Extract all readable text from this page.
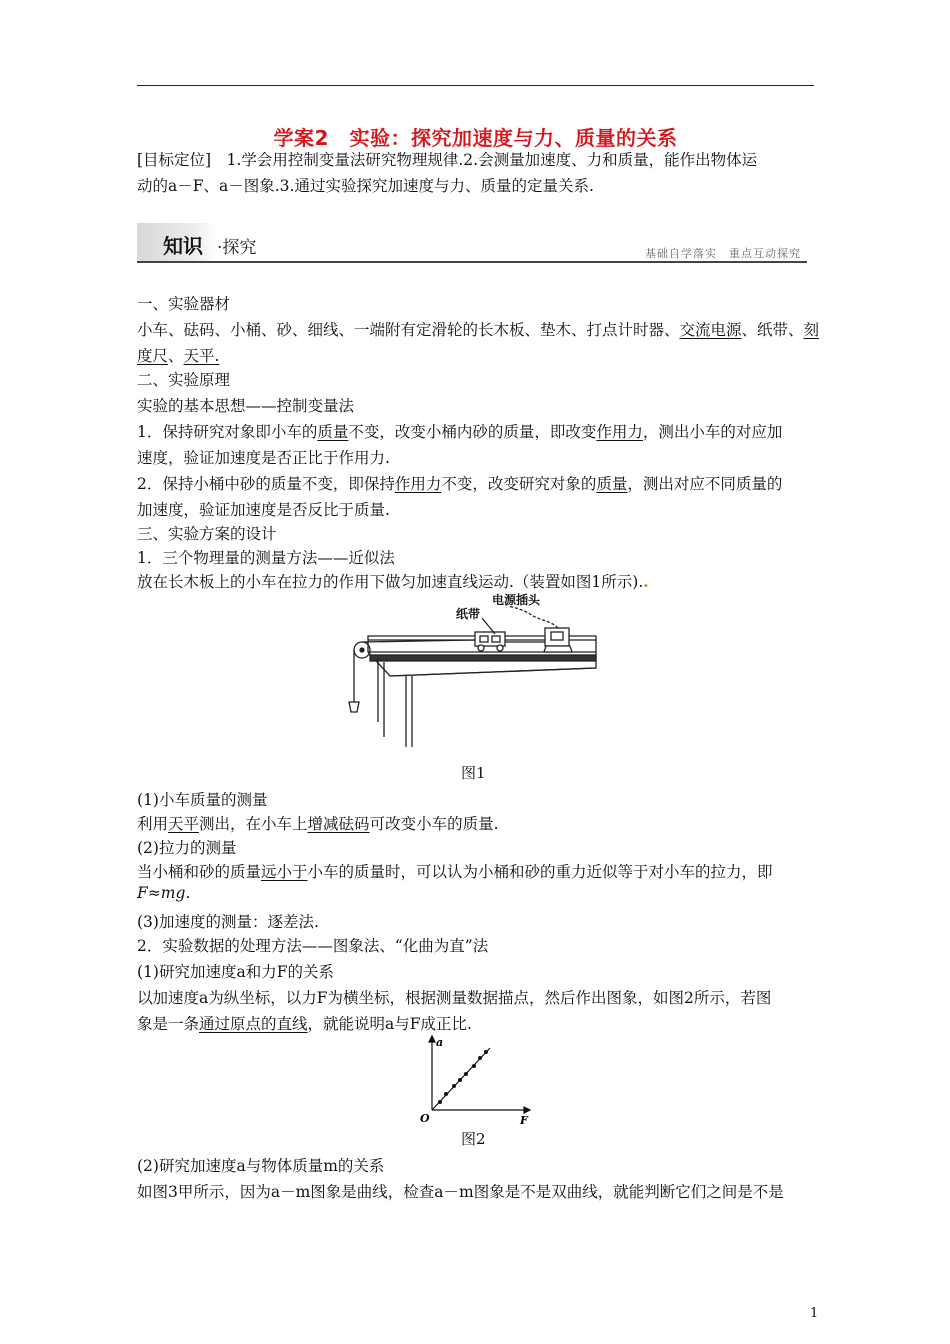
学案2　实验：探究加速度与力、质量的关系

[目标定位]　1.学会用控制变量法研究物理规律.2.会测量加速度、力和质量，能作出物体运

动的a－F、a－图象.3.通过实验探究加速度与力、质量的定量关系.

知识 ·探究	基础自学落实　重点互动探究

一、实验器材

小车、砝码、小桶、砂、细线、一端附有定滑轮的长木板、垫木、打点计时器、交流电源、纸带、刻

度尺、天平.

二、实验原理

实验的基本思想——控制变量法

1．保持研究对象即小车的质量不变，改变小桶内砂的质量，即改变作用力，测出小车的对应加

速度，验证加速度是否正比于作用力.

2．保持小桶中砂的质量不变，即保持作用力不变，改变研究对象的质量，测出对应不同质量的

加速度，验证加速度是否反比于质量.

三、实验方案的设计

1．三个物理量的测量方法——近似法

放在长木板上的小车在拉力的作用下做匀加速直线运动.（装置如图1所示)..

电源插头
纸带
图1

(1)小车质量的测量

利用天平测出，在小车上增减砝码可改变小车的质量.

(2)拉力的测量

当小桶和砂的质量远小于小车的质量时，可以认为小桶和砂的重力近似等于对小车的拉力，即

F≈mg.

(3)加速度的测量：逐差法.

2．实验数据的处理方法——图象法、“化曲为直”法

(1)研究加速度a和力F的关系

以加速度a为纵坐标，以力F为横坐标，根据测量数据描点，然后作出图象，如图2所示，若图

象是一条通过原点的直线，就能说明a与F成正比.

a
F
O
图2

(2)研究加速度a与物体质量m的关系

如图3甲所示，因为a－m图象是曲线，检查a－m图象是不是双曲线，就能判断它们之间是不是

1
